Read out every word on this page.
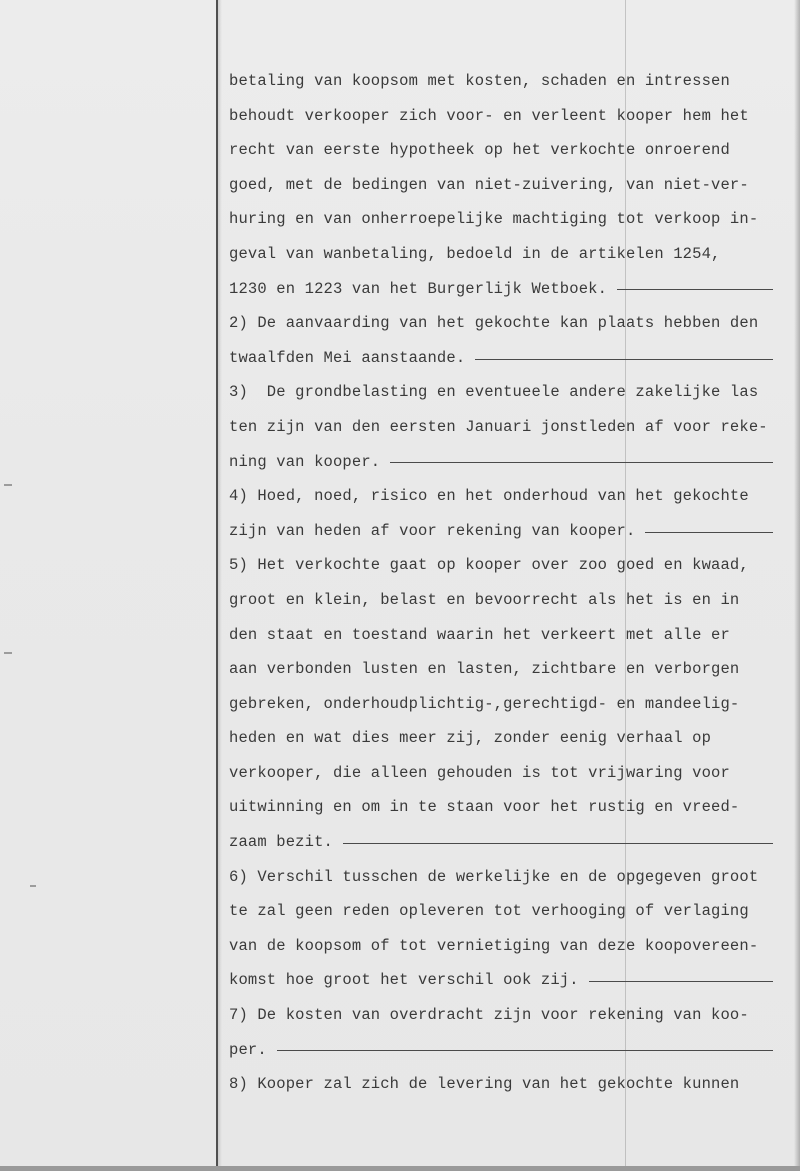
betaling van koopsom met kosten, schaden en intressen
behoudt verkooper zich voor- en verleent kooper hem het
recht van eerste hypotheek op het verkochte onroerend
goed, met de bedingen van niet-zuivering, van niet-ver-
huring en van onherroepelijke machtiging tot verkoop in-
geval van wanbetaling, bedoeld in de artikelen 1254,
1230 en 1223 van het Burgerlijk Wetboek.
2) De aanvaarding van het gekochte kan plaats hebben den
twaalfden Mei aanstaande.
3)  De grondbelasting en eventueele andere zakelijke las
ten zijn van den eersten Januari jonstleden af voor reke-
ning van kooper.
4) Hoed, noed, risico en het onderhoud van het gekochte
zijn van heden af voor rekening van kooper.
5) Het verkochte gaat op kooper over zoo goed en kwaad,
groot en klein, belast en bevoorrecht als het is en in
den staat en toestand waarin het verkeert met alle er
aan verbonden lusten en lasten, zichtbare en verborgen
gebreken, onderhoudplichtig-,gerechtigd- en mandeelig-
heden en wat dies meer zij, zonder eenig verhaal op
verkooper, die alleen gehouden is tot vrijwaring voor
uitwinning en om in te staan voor het rustig en vreed-
zaam bezit.
6) Verschil tusschen de werkelijke en de opgegeven groot
te zal geen reden opleveren tot verhooging of verlaging
van de koopsom of tot vernietiging van deze koopovereen-
komst hoe groot het verschil ook zij.
7) De kosten van overdracht zijn voor rekening van koo-
per.
8) Kooper zal zich de levering van het gekochte kunnen
